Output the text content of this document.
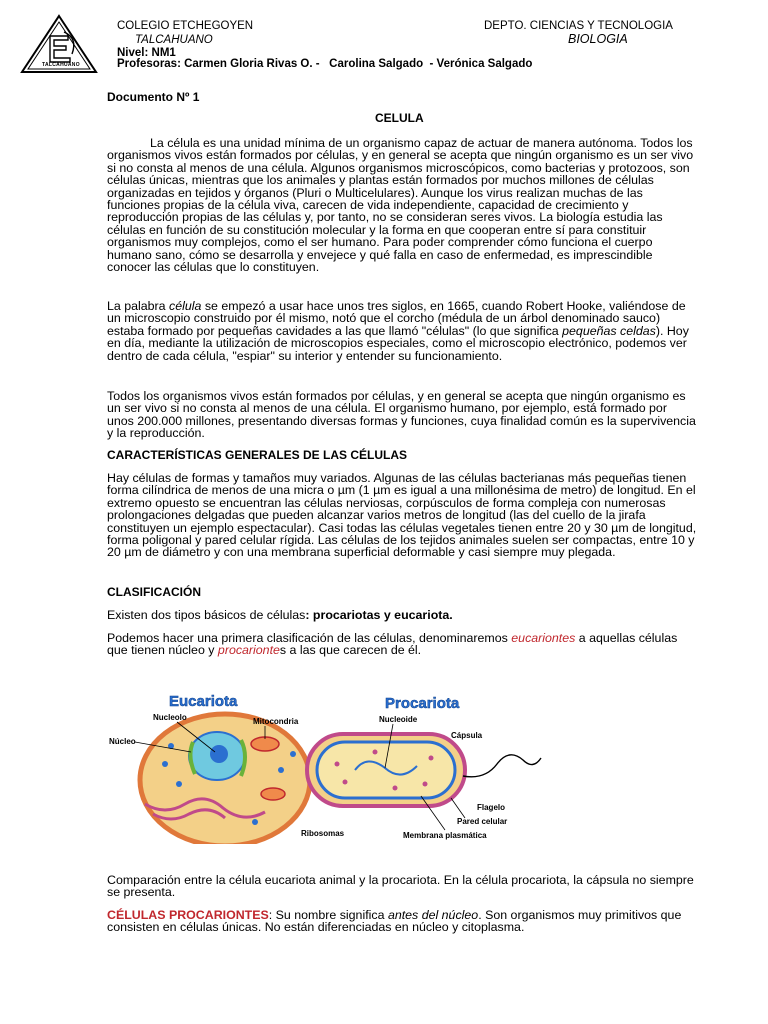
TALCAHUANO
COLEGIO ETCHEGOYEN
TALCAHUANO
Nivel: NM1
Profesoras: Carmen Gloria Rivas O. -   Carolina Salgado  - Verónica Salgado
DEPTO. CIENCIAS Y TECNOLOGIA
BIOLOGIA
Documento Nº 1
CELULA
La célula es una unidad mínima de un organismo capaz de actuar de manera autónoma. Todos los organismos vivos están formados por células, y en general se acepta que ningún organismo es un ser vivo si no consta al menos de una célula. Algunos organismos microscópicos, como bacterias y protozoos, son células únicas, mientras que los animales y plantas están formados por muchos millones de células organizadas en tejidos y órganos (Pluri o Multicelulares). Aunque los virus realizan muchas de las funciones propias de la célula viva, carecen de vida independiente, capacidad de crecimiento y reproducción propias de las células y, por tanto, no se consideran seres vivos. La biología estudia las células en función de su constitución molecular y la forma en que cooperan entre sí para constituir organismos muy complejos, como el ser humano. Para poder comprender cómo funciona el cuerpo humano sano, cómo se desarrolla y envejece y qué falla en caso de enfermedad, es imprescindible conocer las células que lo constituyen.
La palabra célula se empezó a usar hace unos tres siglos, en 1665, cuando Robert Hooke, valiéndose de un microscopio construido por él mismo, notó que el corcho (médula de un árbol denominado sauco) estaba formado por pequeñas cavidades a las que llamó "células" (lo que significa pequeñas celdas). Hoy en día, mediante la utilización de microscopios especiales, como el microscopio electrónico, podemos ver dentro de cada célula, "espiar" su interior y entender su funcionamiento.
Todos los organismos vivos están formados por células, y en general se acepta que ningún organismo es un ser vivo si no consta al menos de una célula. El organismo humano, por ejemplo, está formado por unos 200.000 millones, presentando diversas formas y funciones, cuya finalidad común es la supervivencia y la reproducción.
CARACTERÍSTICAS GENERALES DE LAS CÉLULAS
Hay células de formas y tamaños muy variados. Algunas de las células bacterianas más pequeñas tienen forma cilíndrica de menos de una micra o µm (1 µm es igual a una millonésima de metro) de longitud. En el extremo opuesto se encuentran las células nerviosas, corpúsculos de forma compleja con numerosas prolongaciones delgadas que pueden alcanzar varios metros de longitud (las del cuello de la jirafa constituyen un ejemplo espectacular). Casi todas las células vegetales tienen entre 20 y 30 µm de longitud, forma poligonal y pared celular rígida. Las células de los tejidos animales suelen ser compactas, entre 10 y 20 µm de diámetro y con una membrana superficial deformable y casi siempre muy plegada.
CLASIFICACIÓN
Existen dos tipos básicos de células: procariotas y eucariota.
Podemos hacer una primera clasificación de las células, denominaremos eucariontes a aquellas células que tienen núcleo y procariontes a las que carecen de él.
Eucariota
Nucleolo	Mitocondria
Núcleo
Ribosomas
Procariota
Nucleoide
Cápsula
Flagelo
Pared celular
Membrana plasmática
Comparación entre la célula eucariota animal y la procariota. En la célula procariota, la cápsula no siempre se presenta.
CÉLULAS PROCARIONTES: Su nombre significa antes del núcleo. Son organismos muy primitivos que consisten en células únicas. No están diferenciadas en núcleo y citoplasma.
